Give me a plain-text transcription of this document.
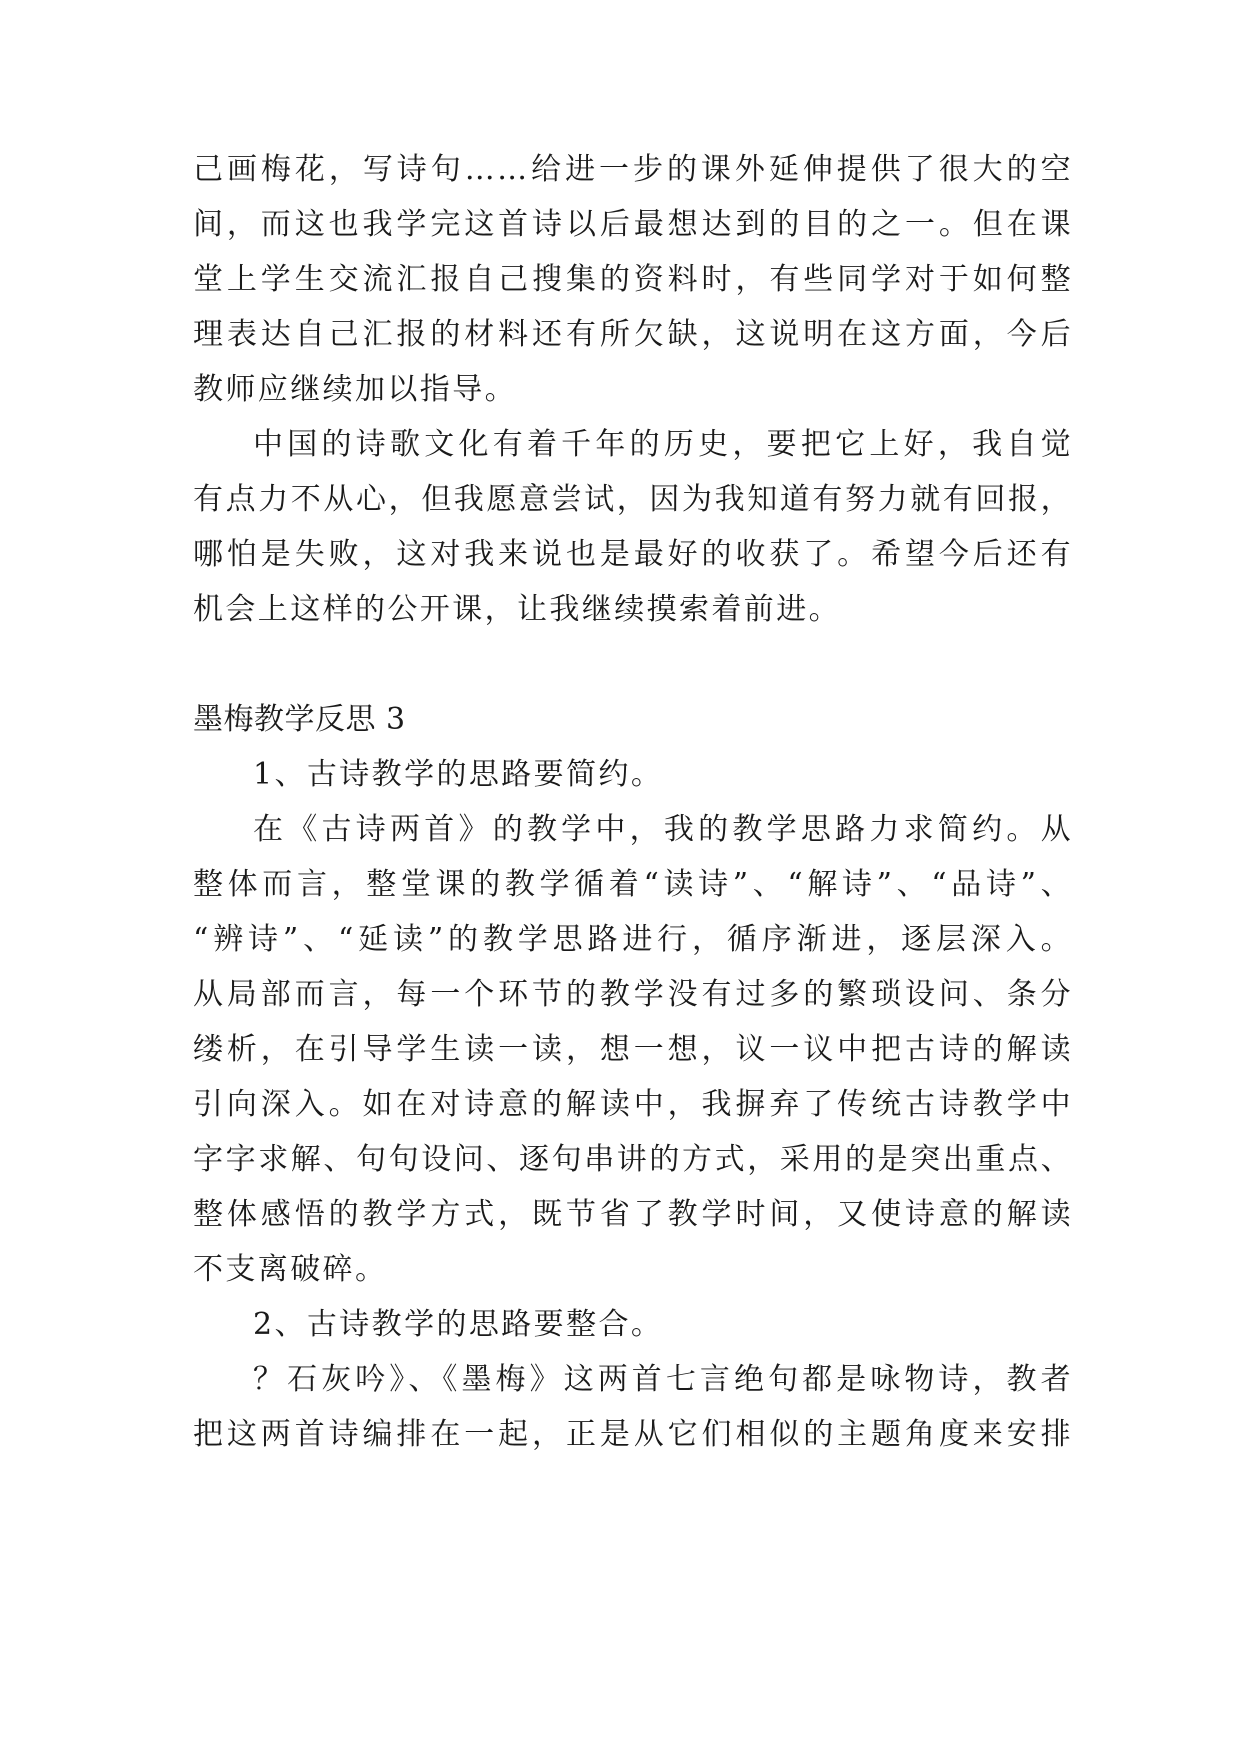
己画梅花，写诗句……给进一步的课外延伸提供了很大的空
间，而这也我学完这首诗以后最想达到的目的之一。但在课
堂上学生交流汇报自己搜集的资料时，有些同学对于如何整
理表达自己汇报的材料还有所欠缺，这说明在这方面，今后
教师应继续加以指导。
中国的诗歌文化有着千年的历史，要把它上好，我自觉
有点力不从心，但我愿意尝试，因为我知道有努力就有回报，
哪怕是失败，这对我来说也是最好的收获了。希望今后还有
机会上这样的公开课，让我继续摸索着前进。
墨梅教学反思 3
1、古诗教学的思路要简约。
在《古诗两首》的教学中，我的教学思路力求简约。从
整体而言，整堂课的教学循着“读诗”、“解诗”、“品诗”、
“辨诗”、“延读”的教学思路进行，循序渐进，逐层深入。
从局部而言，每一个环节的教学没有过多的繁琐设问、条分
缕析，在引导学生读一读，想一想，议一议中把古诗的解读
引向深入。如在对诗意的解读中，我摒弃了传统古诗教学中
字字求解、句句设问、逐句串讲的方式，采用的是突出重点、
整体感悟的教学方式，既节省了教学时间，又使诗意的解读
不支离破碎。
2、古诗教学的思路要整合。
？石灰吟》、《墨梅》这两首七言绝句都是咏物诗，教者
把这两首诗编排在一起，正是从它们相似的主题角度来安排
